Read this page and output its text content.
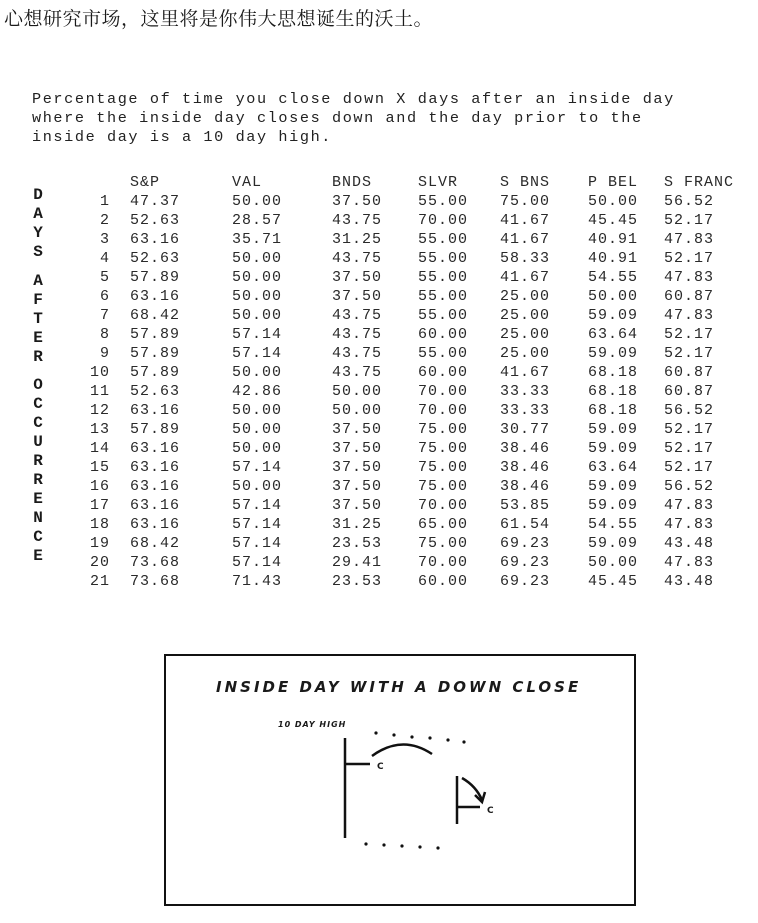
心想研究市场，这里将是你伟大思想诞生的沃土。
Percentage of time you close down X days after an inside day
where the inside day closes down and the day prior to the
inside day is a 10 day high.
D
A
Y
S
A
F
T
E
R
O
C
C
U
R
R
E
N
C
E
	S&P	VAL	BNDS	SLVR	S BNS	P BEL	S FRANC
1	47.37	50.00	37.50	55.00	75.00	50.00	56.52
2	52.63	28.57	43.75	70.00	41.67	45.45	52.17
3	63.16	35.71	31.25	55.00	41.67	40.91	47.83
4	52.63	50.00	43.75	55.00	58.33	40.91	52.17
5	57.89	50.00	37.50	55.00	41.67	54.55	47.83
6	63.16	50.00	37.50	55.00	25.00	50.00	60.87
7	68.42	50.00	43.75	55.00	25.00	59.09	47.83
8	57.89	57.14	43.75	60.00	25.00	63.64	52.17
9	57.89	57.14	43.75	55.00	25.00	59.09	52.17
10	57.89	50.00	43.75	60.00	41.67	68.18	60.87
11	52.63	42.86	50.00	70.00	33.33	68.18	60.87
12	63.16	50.00	50.00	70.00	33.33	68.18	56.52
13	57.89	50.00	37.50	75.00	30.77	59.09	52.17
14	63.16	50.00	37.50	75.00	38.46	59.09	52.17
15	63.16	57.14	37.50	75.00	38.46	63.64	52.17
16	63.16	50.00	37.50	75.00	38.46	59.09	56.52
17	63.16	57.14	37.50	70.00	53.85	59.09	47.83
18	63.16	57.14	31.25	65.00	61.54	54.55	47.83
19	68.42	57.14	23.53	75.00	69.23	59.09	43.48
20	73.68	57.14	29.41	70.00	69.23	50.00	47.83
21	73.68	71.43	23.53	60.00	69.23	45.45	43.48
INSIDE DAY WITH A DOWN CLOSE
10 DAY HIGH
C
C
